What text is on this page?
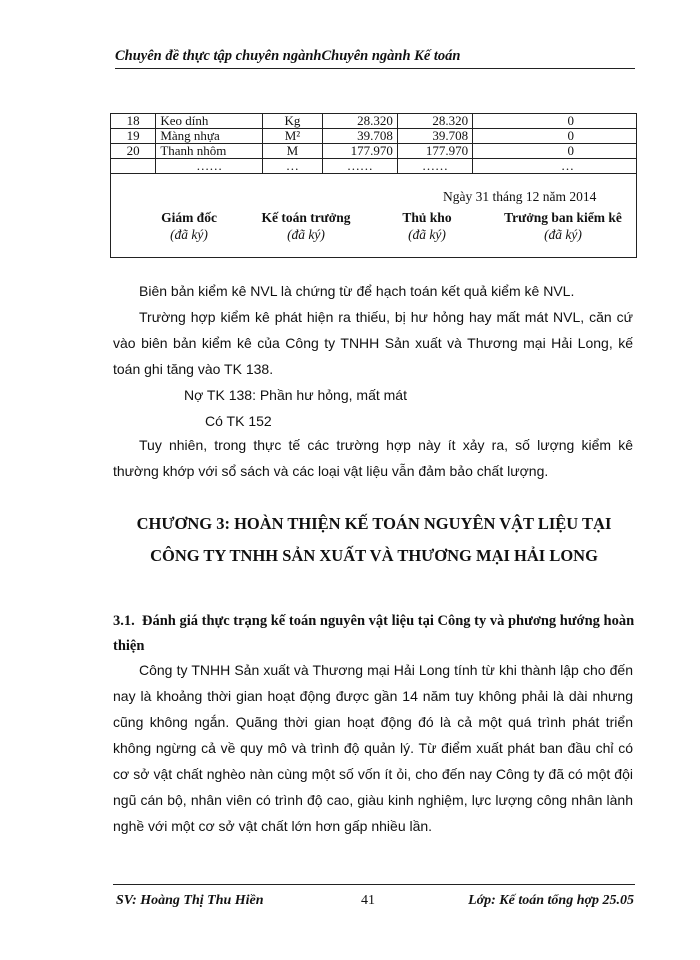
Chuyên đề thực tập chuyên ngànhChuyên ngành Kế toán
18	Keo dính	Kg	28.320	28.320	0
19	Màng nhựa	M²	39.708	39.708	0
20	Thanh nhôm	M	177.970	177.970	0
	……	…	……	……	…
Ngày 31 tháng 12 năm 2014
Giám đốc
(đã ký)
Kế toán trưởng
(đã ký)
Thủ kho
(đã ký)
Trưởng ban kiểm kê
(đã ký)
Biên bản kiểm kê NVL là chứng từ để hạch toán kết quả kiểm kê NVL.
Trường hợp kiểm kê phát hiện ra thiếu, bị hư hỏng hay mất mát NVL, căn cứ vào biên bản kiểm kê của Công ty TNHH Sản xuất và Thương mại Hải Long, kế toán ghi tăng vào TK 138.
Nợ TK 138: Phần hư hỏng, mất mát
Có TK 152
Tuy nhiên, trong thực tế các trường hợp này ít xảy ra, số lượng kiểm kê thường khớp với sổ sách và các loại vật liệu vẫn đảm bảo chất lượng.
CHƯƠNG 3: HOÀN THIỆN KẾ TOÁN NGUYÊN VẬT LIỆU TẠI
CÔNG TY TNHH SẢN XUẤT VÀ THƯƠNG MẠI HẢI LONG
3.1. Đánh giá thực trạng kế toán nguyên vật liệu tại Công ty và phương hướng hoàn thiện
Công ty TNHH Sản xuất và Thương mại Hải Long tính từ khi thành lập cho đến nay là khoảng thời gian hoạt động được gần 14 năm tuy không phải là dài nhưng cũng không ngắn. Quãng thời gian hoạt động đó là cả một quá trình phát triển không ngừng cả về quy mô và trình độ quản lý. Từ điểm xuất phát ban đầu chỉ có cơ sở vật chất nghèo nàn cùng một số vốn ít ỏi, cho đến nay Công ty đã có một đội ngũ cán bộ, nhân viên có trình độ cao, giàu kinh nghiệm, lực lượng công nhân lành nghề với một cơ sở vật chất lớn hơn gấp nhiều lần.
SV: Hoàng Thị Thu Hiền	41	Lớp: Kế toán tổng hợp 25.05
